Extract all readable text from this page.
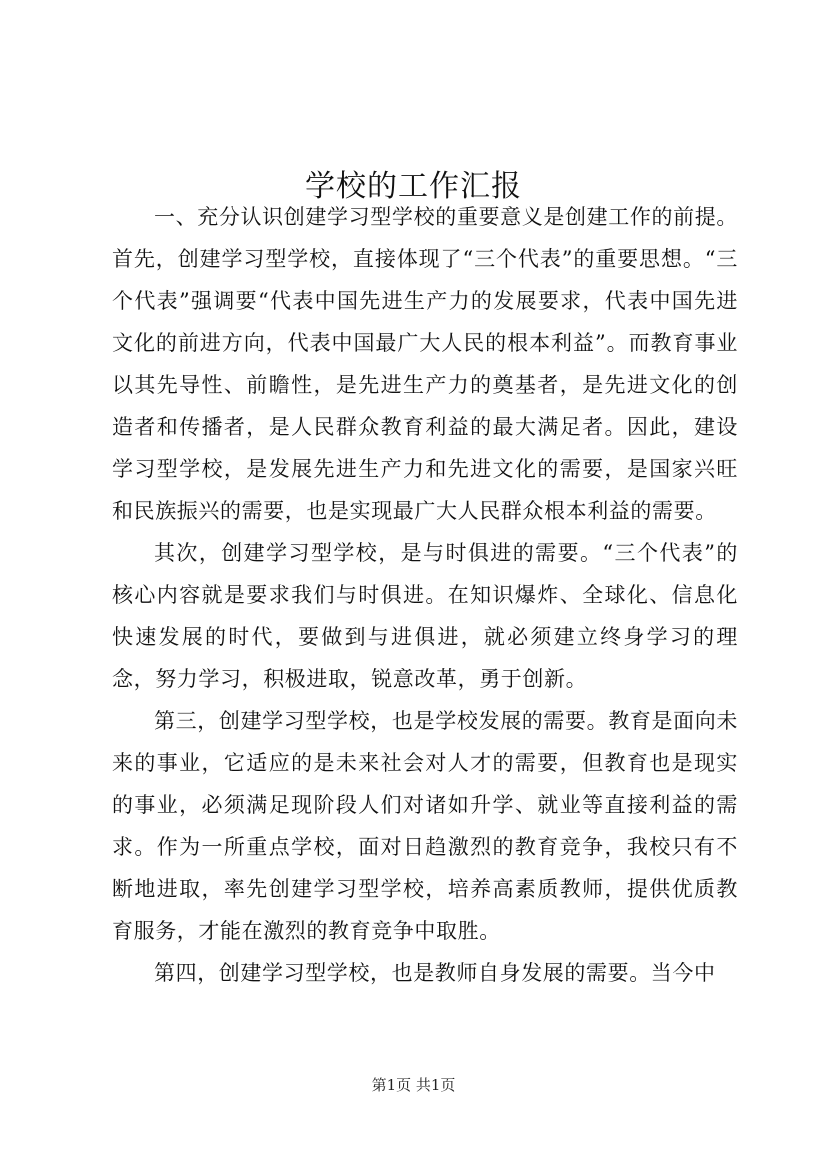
学校的工作汇报

一、充分认识创建学习型学校的重要意义是创建工作的前提。首先，创建学习型学校，直接体现了“三个代表”的重要思想。“三个代表”强调要“代表中国先进生产力的发展要求，代表中国先进文化的前进方向，代表中国最广大人民的根本利益”。而教育事业以其先导性、前瞻性，是先进生产力的奠基者，是先进文化的创造者和传播者，是人民群众教育利益的最大满足者。因此，建设学习型学校，是发展先进生产力和先进文化的需要，是国家兴旺和民族振兴的需要，也是实现最广大人民群众根本利益的需要。

其次，创建学习型学校，是与时俱进的需要。“三个代表”的核心内容就是要求我们与时俱进。在知识爆炸、全球化、信息化快速发展的时代，要做到与进俱进，就必须建立终身学习的理念，努力学习，积极进取，锐意改革，勇于创新。

第三，创建学习型学校，也是学校发展的需要。教育是面向未来的事业，它适应的是未来社会对人才的需要，但教育也是现实的事业，必须满足现阶段人们对诸如升学、就业等直接利益的需求。作为一所重点学校，面对日趋激烈的教育竞争，我校只有不断地进取，率先创建学习型学校，培养高素质教师，提供优质教育服务，才能在激烈的教育竞争中取胜。

第四，创建学习型学校，也是教师自身发展的需要。当今中

第1页 共1页
